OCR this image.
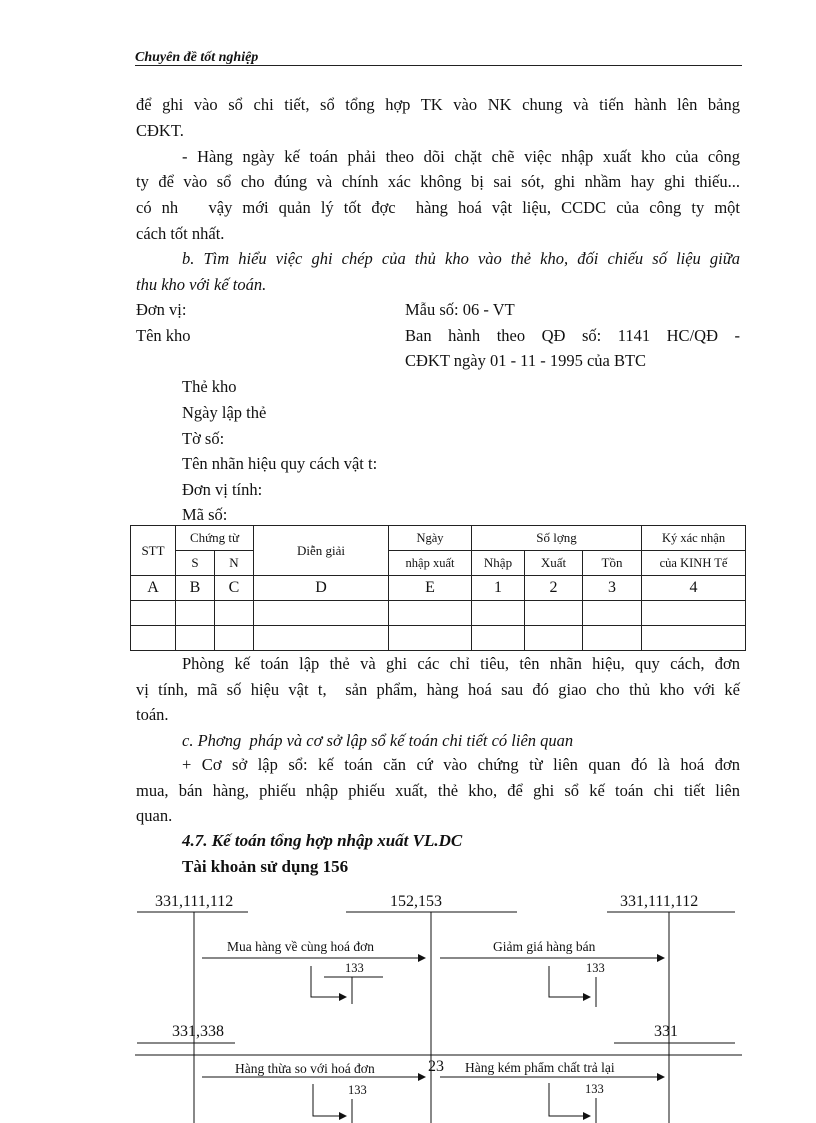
Chuyên đề tốt nghiệp
để ghi vào sổ chi tiết, sổ tổng hợp TK vào NK chung và tiến hành lên bảng
CĐKT.
- Hàng ngày kế toán phải theo dõi chặt chẽ việc nhập xuất kho của công
ty để vào sổ cho đúng và chính xác không bị sai sót, ghi nhầm hay ghi thiếu...
có nh   vậy mới quản lý tốt đợc  hàng hoá vật liệu, CCDC của công ty một
cách tốt nhất.
b. Tìm hiểu việc ghi chép của thủ kho vào thẻ kho, đối chiếu số liệu giữa
thu kho với kế toán.
Đơn vị:
Tên kho
Mẫu số: 06 - VT
Ban hành theo QĐ số: 1141 HC/QĐ -
CĐKT ngày 01 - 11 - 1995 của BTC
Thẻ kho
Ngày lập thẻ
Tờ số:
Tên nhãn hiệu quy cách vật t:
Đơn vị tính:
Mã số:
STT	Chứng từ		Diễn giải	Ngày	Số lợng			Ký xác nhận
	S	N		nhập xuất	Nhập	Xuất	Tồn	của KINH Tế
A	B	C	D	E	1	2	3	4

Phòng kế toán lập thẻ và ghi các chỉ tiêu, tên nhãn hiệu, quy cách, đơn
vị tính, mã số hiệu vật t,  sản phẩm, hàng hoá sau đó giao cho thủ kho với kế
toán.
c. Phơng  pháp và cơ sở lập sổ kế toán chi tiết có liên quan
+ Cơ sở lập sổ: kế toán căn cứ vào chứng từ liên quan đó là hoá đơn
mua, bán hàng, phiếu nhập phiếu xuất, thẻ kho, để ghi sổ kế toán chi tiết liên
quan.
4.7. Kế toán tổng hợp nhập xuất VL.DC
Tài khoản sử dụng 156
331,111,112	152,153	331,111,112
331,338	331
Mua hàng về cùng hoá đơn	Giảm giá hàng bán
133	133
Hàng thừa so với hoá đơn	Hàng kém phẩm chất trả lại
133	133
23
